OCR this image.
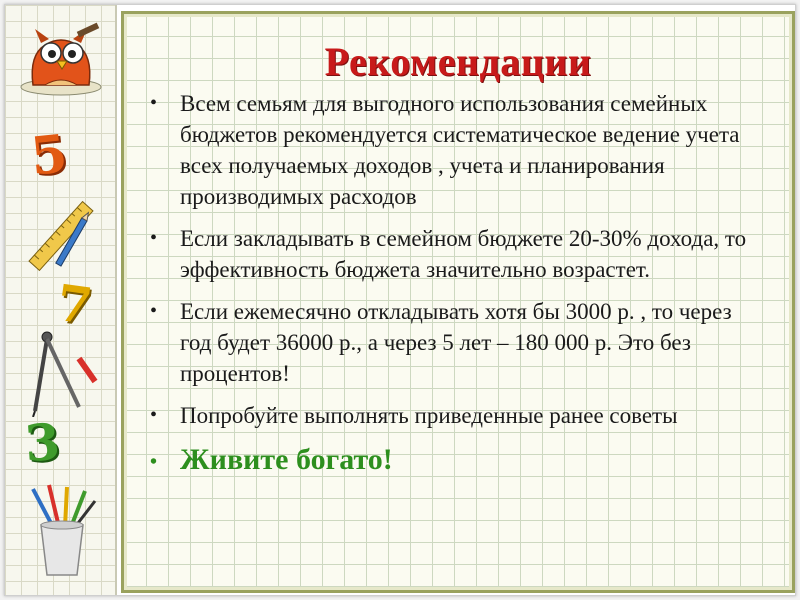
5
7
3
Рекомендации
• Всем семьям для выгодного использования семейных бюджетов рекомендуется систематическое ведение учета всех получаемых доходов , учета и планирования производимых расходов
• Если закладывать в семейном бюджете 20-30% дохода, то эффективность бюджета значительно возрастет.
• Если ежемесячно откладывать хотя бы 3000 р. , то через год будет 36000 р., а через 5 лет – 180 000 р. Это без процентов!
• Попробуйте выполнять приведенные ранее советы
• Живите богато!
